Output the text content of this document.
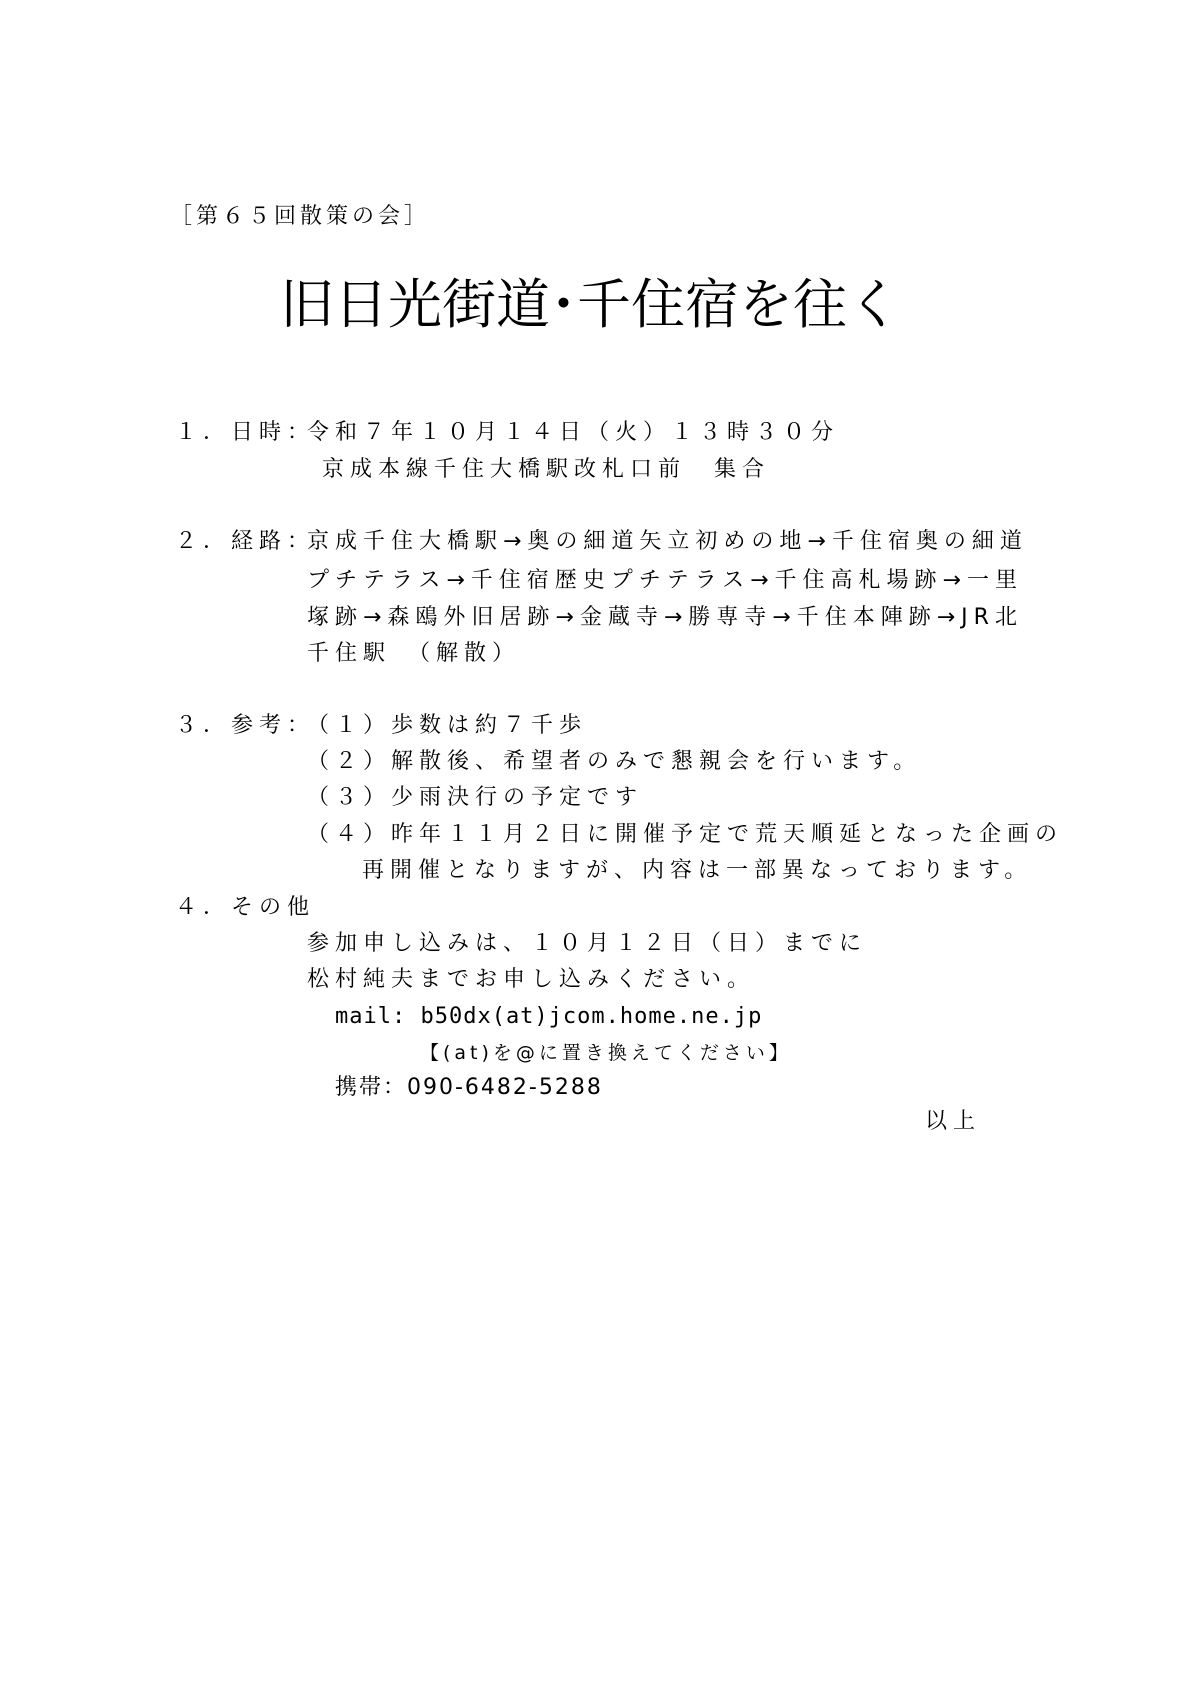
［第６５回散策の会］
旧日光街道･千住宿を往く
１．日時：
令和７年１０月１４日（火）１３時３０分
京成本線千住大橋駅改札口前　集合
２．経路：
京成千住大橋駅→奥の細道矢立初めの地→千住宿奥の細道
プチテラス→千住宿歴史プチテラス→千住高札場跡→一里
塚跡→森鴎外旧居跡→金蔵寺→勝専寺→千住本陣跡→JR北
千住駅　（解散）
３．参考：
（１）歩数は約７千歩
（２）解散後、希望者のみで懇親会を行います。
（３）少雨決行の予定です
（４）昨年１１月２日に開催予定で荒天順延となった企画の
再開催となりますが、内容は一部異なっております。
４．その他
参加申し込みは、１０月１２日（日）までに
松村純夫までお申し込みください。
mail: b50dx(at)jcom.home.ne.jp
【(at)を@に置き換えてください】
携帯：090-6482-5288
以上
